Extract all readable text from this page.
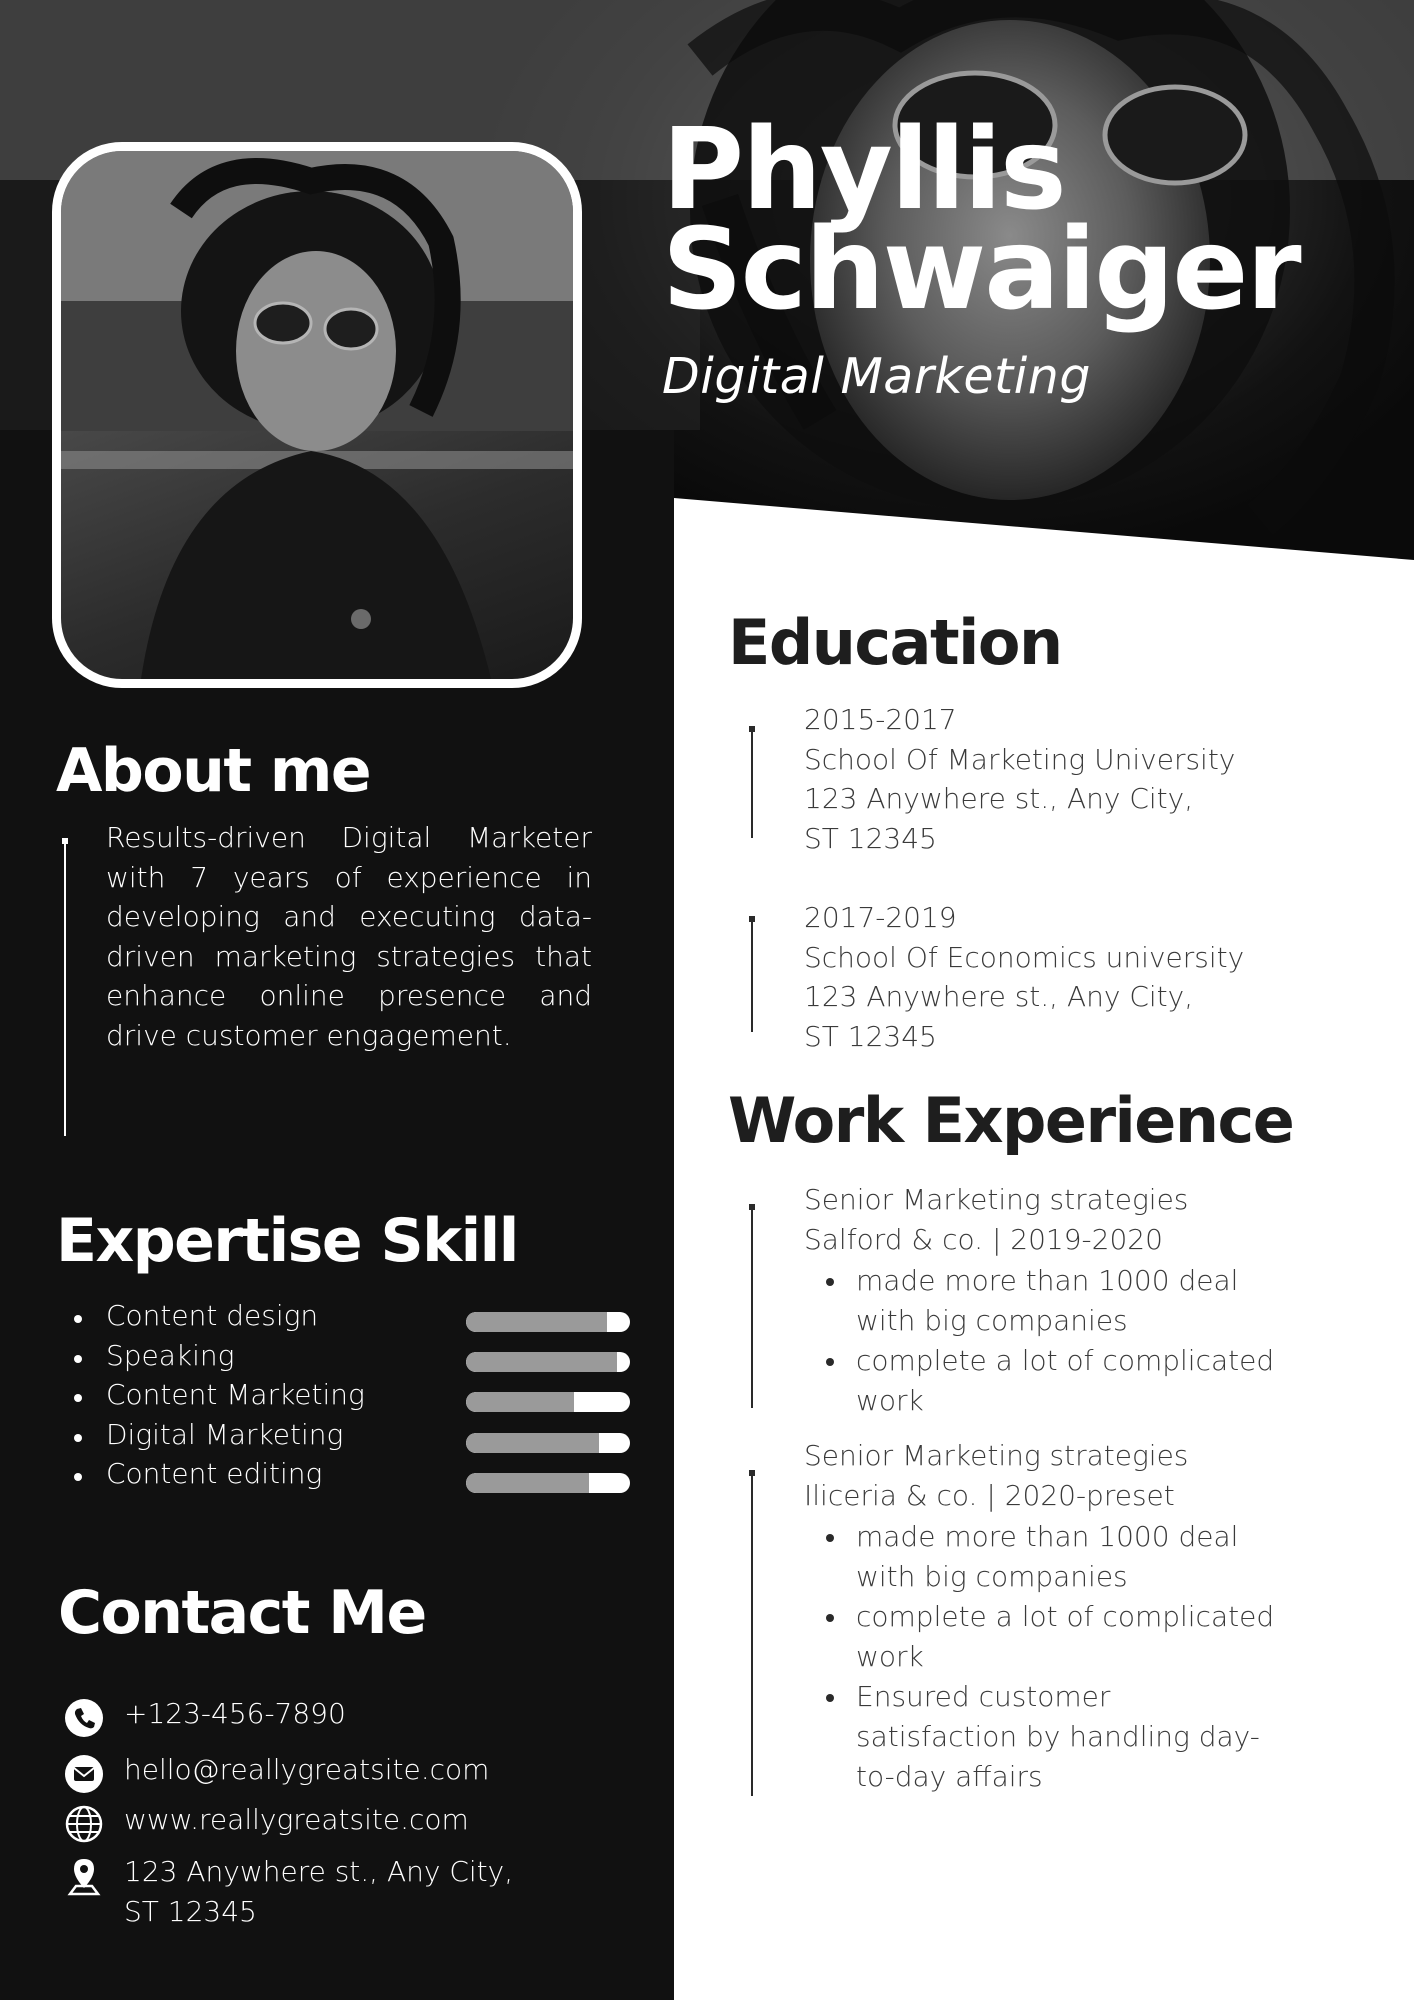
Phyllis
Schwaiger
Digital Marketing
About me
Results-driven Digital Marketer with 7 years of experience in developing and executing data-driven marketing strategies that enhance online presence and drive customer engagement.
Expertise Skill
Content design
Speaking
Content Marketing
Digital Marketing
Content editing
Contact Me
+123-456-7890
hello@reallygreatsite.com
www.reallygreatsite.com
123 Anywhere st., Any City,
ST 12345
Education
2015-2017
School Of Marketing University
123 Anywhere st., Any City,
ST 12345
2017-2019
School Of Economics university
123 Anywhere st., Any City,
ST 12345
Work Experience
Senior Marketing strategies
Salford & co. | 2019-2020
made more than 1000 deal
with big companies
complete a lot of complicated
work
Senior Marketing strategies
Iliceria & co. | 2020-preset
made more than 1000 deal
with big companies
complete a lot of complicated
work
Ensured customer
satisfaction by handling day-
to-day affairs
